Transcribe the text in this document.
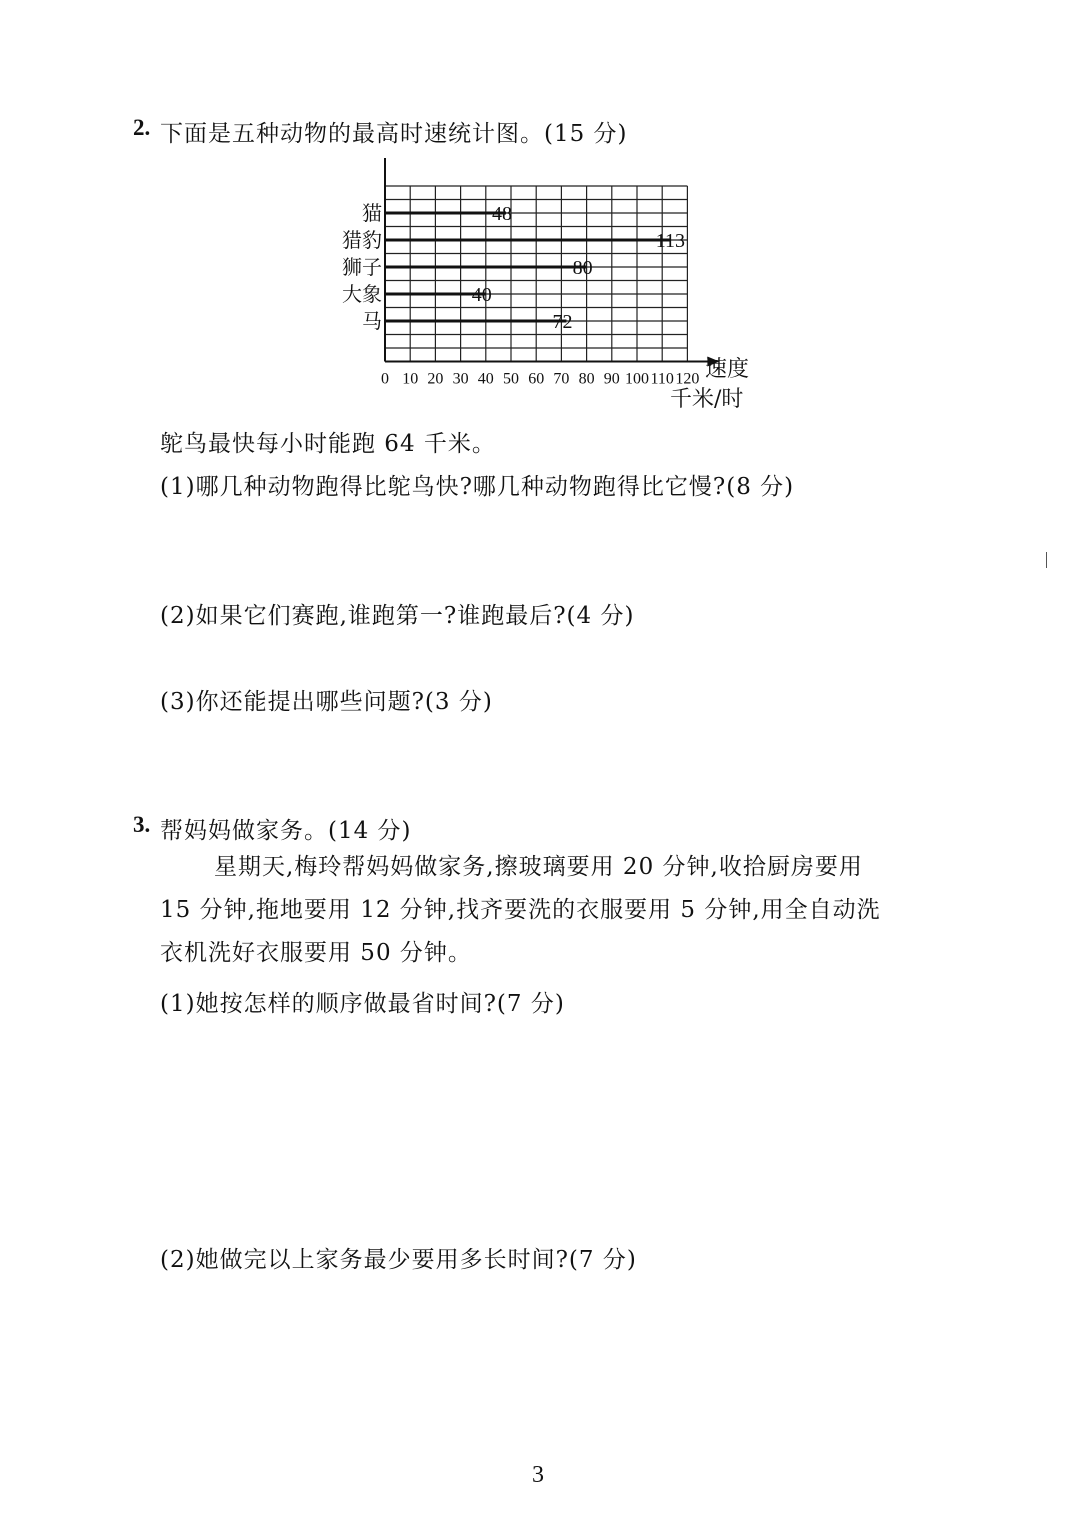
2. 下面是五种动物的最高时速统计图。(15 分)
猫
猎豹
狮子
大象
马
0 10 20 30 40 50 60 70 80 90 100 110 120
48
113
80
40
72
速度
千米/时
鸵鸟最快每小时能跑 64 千米。
(1)哪几种动物跑得比鸵鸟快?哪几种动物跑得比它慢?(8 分)
(2)如果它们赛跑,谁跑第一?谁跑最后?(4 分)
(3)你还能提出哪些问题?(3 分)
3. 帮妈妈做家务。(14 分)
星期天,梅玲帮妈妈做家务,擦玻璃要用 20 分钟,收拾厨房要用
15 分钟,拖地要用 12 分钟,找齐要洗的衣服要用 5 分钟,用全自动洗
衣机洗好衣服要用 50 分钟。
(1)她按怎样的顺序做最省时间?(7 分)
(2)她做完以上家务最少要用多长时间?(7 分)
3
